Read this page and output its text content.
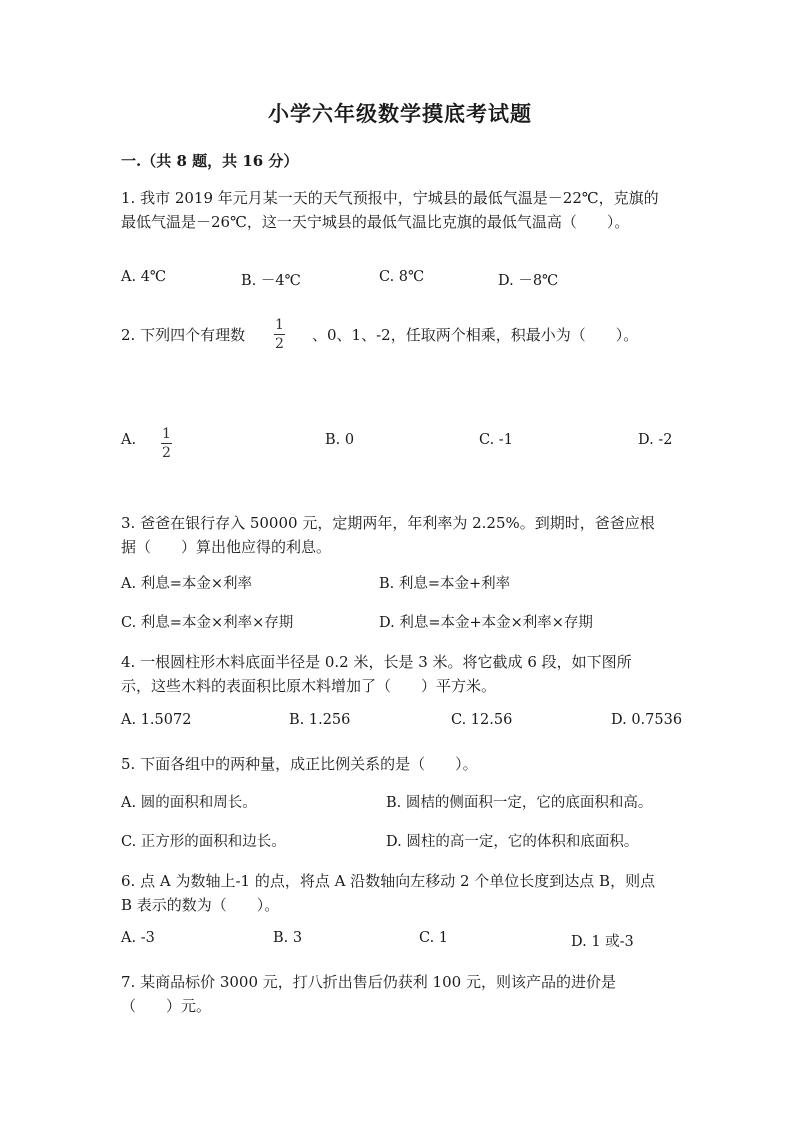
小学六年级数学摸底考试题
一.（共 8 题，共 16 分）
1. 我市 2019 年元月某一天的天气预报中，宁城县的最低气温是－22℃，克旗的
最低气温是－26℃，这一天宁城县的最低气温比克旗的最低气温高（　　）。
A. 4℃	B. －4℃	C. 8℃	D. －8℃
2. 下列四个有理数
1
2 、0、1、-2，任取两个相乘，积最小为（　　）。
A. 1
2
B. 0	C. -1	D. -2
3. 爸爸在银行存入 50000 元，定期两年，年利率为 2.25%。到期时，爸爸应根
据（　　）算出他应得的利息。
A. 利息=本金×利率	B. 利息=本金+利率
C. 利息=本金×利率×存期	D. 利息=本金+本金×利率×存期
4. 一根圆柱形木料底面半径是 0.2 米，长是 3 米。将它截成 6 段，如下图所
示，这些木料的表面积比原木料增加了（　　）平方米。
A. 1.5072	B. 1.256	C. 12.56	D. 0.7536
5. 下面各组中的两种量，成正比例关系的是（　　）。
A. 圆的面积和周长。	B. 圆桔的侧面积一定，它的底面积和高。
C. 正方形的面积和边长。	D. 圆柱的高一定，它的体积和底面积。
6. 点 A 为数轴上-1 的点，将点 A 沿数轴向左移动 2 个单位长度到达点 B，则点
B 表示的数为（　　）。
A. -3	B. 3	C. 1	D. 1 或-3
7. 某商品标价 3000 元，打八折出售后仍获利 100 元，则该产品的进价是
（　　）元。
